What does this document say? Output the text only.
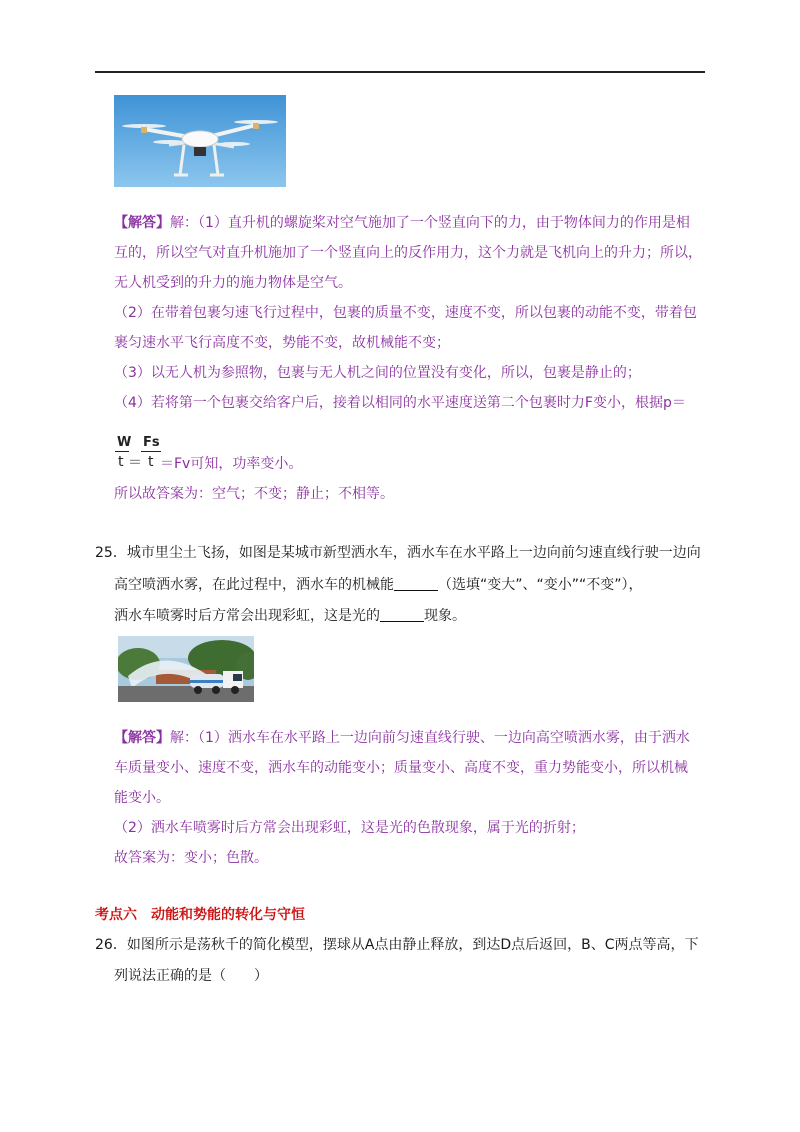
【解答】解：（1）直升机的螺旋桨对空气施加了一个竖直向下的力，由于物体间力的作用是相
互的，所以空气对直升机施加了一个竖直向上的反作用力，这个力就是飞机向上的升力；所以，
无人机受到的升力的施力物体是空气。
（2）在带着包裹匀速飞行过程中，包裹的质量不变，速度不变，所以包裹的动能不变，带着包
裹匀速水平飞行高度不变，势能不变，故机械能不变；
（3）以无人机为参照物，包裹与无人机之间的位置没有变化，所以，包裹是静止的；
（4）若将第一个包裹交给客户后，接着以相同的水平速度送第二个包裹时力F变小，根据p＝
W
t ＝
Fs
t ＝Fv可知，功率变小。
所以故答案为：空气；不变；静止；不相等。
25．城市里尘土飞扬，如图是某城市新型洒水车，洒水车在水平路上一边向前匀速直线行驶一边向
高空喷洒水雾，在此过程中，洒水车的机械能	（选填“变大”、“变小”“不变”），
洒水车喷雾时后方常会出现彩虹，这是光的	现象。
【解答】解：（1）洒水车在水平路上一边向前匀速直线行驶、一边向高空喷洒水雾，由于洒水
车质量变小、速度不变，洒水车的动能变小；质量变小、高度不变，重力势能变小，所以机械
能变小。
（2）洒水车喷雾时后方常会出现彩虹，这是光的色散现象，属于光的折射；
故答案为：变小；色散。
考点六　动能和势能的转化与守恒
26．如图所示是荡秋千的简化模型，摆球从A点由静止释放，到达D点后返回，B、C两点等高，下
列说法正确的是（　　）
